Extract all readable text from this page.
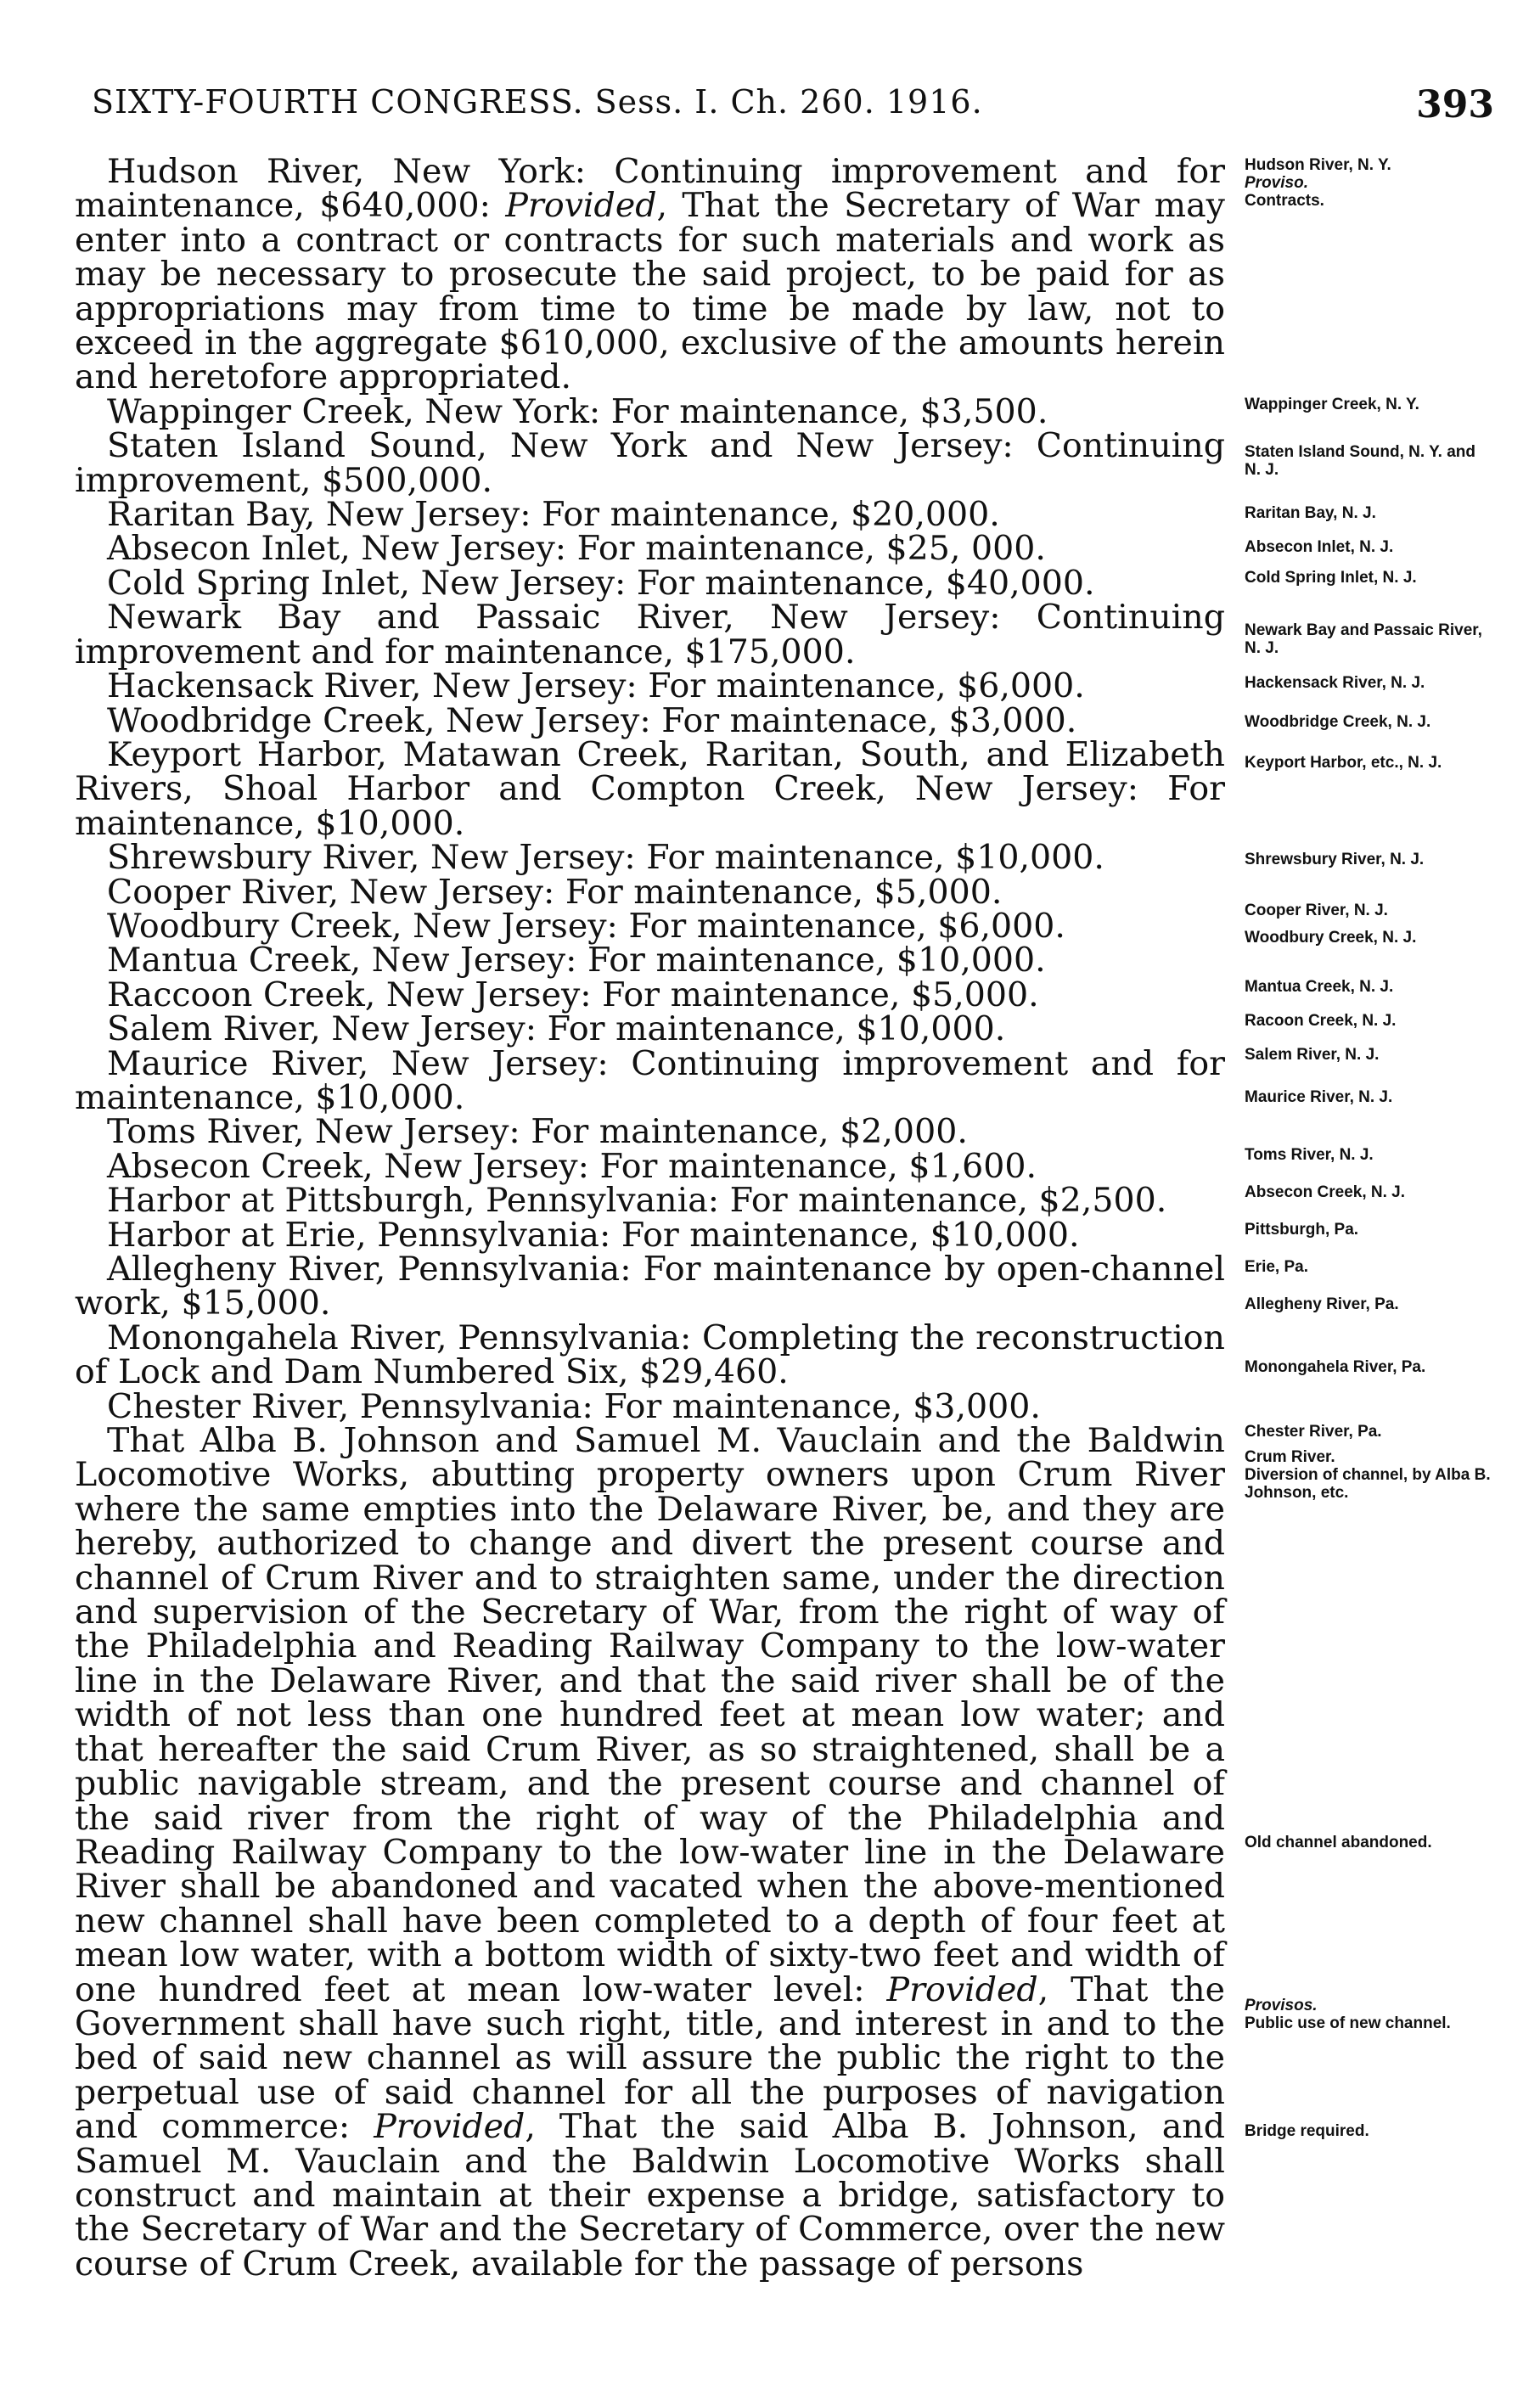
SIXTY-FOURTH CONGRESS. Sess. I. Ch. 260. 1916.	393

Hudson River, New York: Continuing improvement and for maintenance, $640,000: Provided, That the Secretary of War may enter into a contract or contracts for such materials and work as may be necessary to prosecute the said project, to be paid for as appropriations may from time to time be made by law, not to exceed in the aggregate $610,000, exclusive of the amounts herein and heretofore appropriated.

Wappinger Creek, New York: For maintenance, $3,500.

Staten Island Sound, New York and New Jersey: Continuing improvement, $500,000.

Raritan Bay, New Jersey: For maintenance, $20,000.

Absecon Inlet, New Jersey: For maintenance, $25, 000.

Cold Spring Inlet, New Jersey: For maintenance, $40,000.

Newark Bay and Passaic River, New Jersey: Continuing improvement and for maintenance, $175,000.

Hackensack River, New Jersey: For maintenance, $6,000.

Woodbridge Creek, New Jersey: For maintenace, $3,000.

Keyport Harbor, Matawan Creek, Raritan, South, and Elizabeth Rivers, Shoal Harbor and Compton Creek, New Jersey: For maintenance, $10,000.

Shrewsbury River, New Jersey: For maintenance, $10,000.

Cooper River, New Jersey: For maintenance, $5,000.

Woodbury Creek, New Jersey: For maintenance, $6,000.

Mantua Creek, New Jersey: For maintenance, $10,000.

Raccoon Creek, New Jersey: For maintenance, $5,000.

Salem River, New Jersey: For maintenance, $10,000.

Maurice River, New Jersey: Continuing improvement and for maintenance, $10,000.

Toms River, New Jersey: For maintenance, $2,000.

Absecon Creek, New Jersey: For maintenance, $1,600.

Harbor at Pittsburgh, Pennsylvania: For maintenance, $2,500.

Harbor at Erie, Pennsylvania: For maintenance, $10,000.

Allegheny River, Pennsylvania: For maintenance by open-channel work, $15,000.

Monongahela River, Pennsylvania: Completing the reconstruction of Lock and Dam Numbered Six, $29,460.

Chester River, Pennsylvania: For maintenance, $3,000.

That Alba B. Johnson and Samuel M. Vauclain and the Baldwin Locomotive Works, abutting property owners upon Crum River where the same empties into the Delaware River, be, and they are hereby, authorized to change and divert the present course and channel of Crum River and to straighten same, under the direction and supervision of the Secretary of War, from the right of way of the Philadelphia and Reading Railway Company to the low-water line in the Delaware River, and that the said river shall be of the width of not less than one hundred feet at mean low water; and that hereafter the said Crum River, as so straightened, shall be a public navigable stream, and the present course and channel of the said river from the right of way of the Philadelphia and Reading Railway Company to the low-water line in the Delaware River shall be abandoned and vacated when the above-mentioned new channel shall have been completed to a depth of four feet at mean low water, with a bottom width of sixty-two feet and width of one hundred feet at mean low-water level: Provided, That the Government shall have such right, title, and interest in and to the bed of said new channel as will assure the public the right to the perpetual use of said channel for all the purposes of navigation and commerce: Provided, That the said Alba B. Johnson, and Samuel M. Vauclain and the Baldwin Locomotive Works shall construct and maintain at their expense a bridge, satisfactory to the Secretary of War and the Secretary of Commerce, over the new course of Crum Creek, available for the passage of persons

Hudson River, N. Y.
Proviso.
Contracts.
Wappinger Creek, N. Y.
Staten Island Sound, N. Y. and N. J.
Raritan Bay, N. J.
Absecon Inlet, N. J.
Cold Spring Inlet, N. J.
Newark Bay and Passaic River, N. J.
Hackensack River, N. J.
Woodbridge Creek, N. J.
Keyport Harbor, etc., N. J.
Shrewsbury River, N. J.
Cooper River, N. J.
Woodbury Creek, N. J.
Mantua Creek, N. J.
Racoon Creek, N. J.
Salem River, N. J.
Maurice River, N. J.
Toms River, N. J.
Absecon Creek, N. J.
Pittsburgh, Pa.
Erie, Pa.
Allegheny River, Pa.
Monongahela River, Pa.
Chester River, Pa.
Crum River.
Diversion of channel, by Alba B. Johnson, etc.
Old channel abandoned.
Provisos.
Public use of new channel.
Bridge required.
